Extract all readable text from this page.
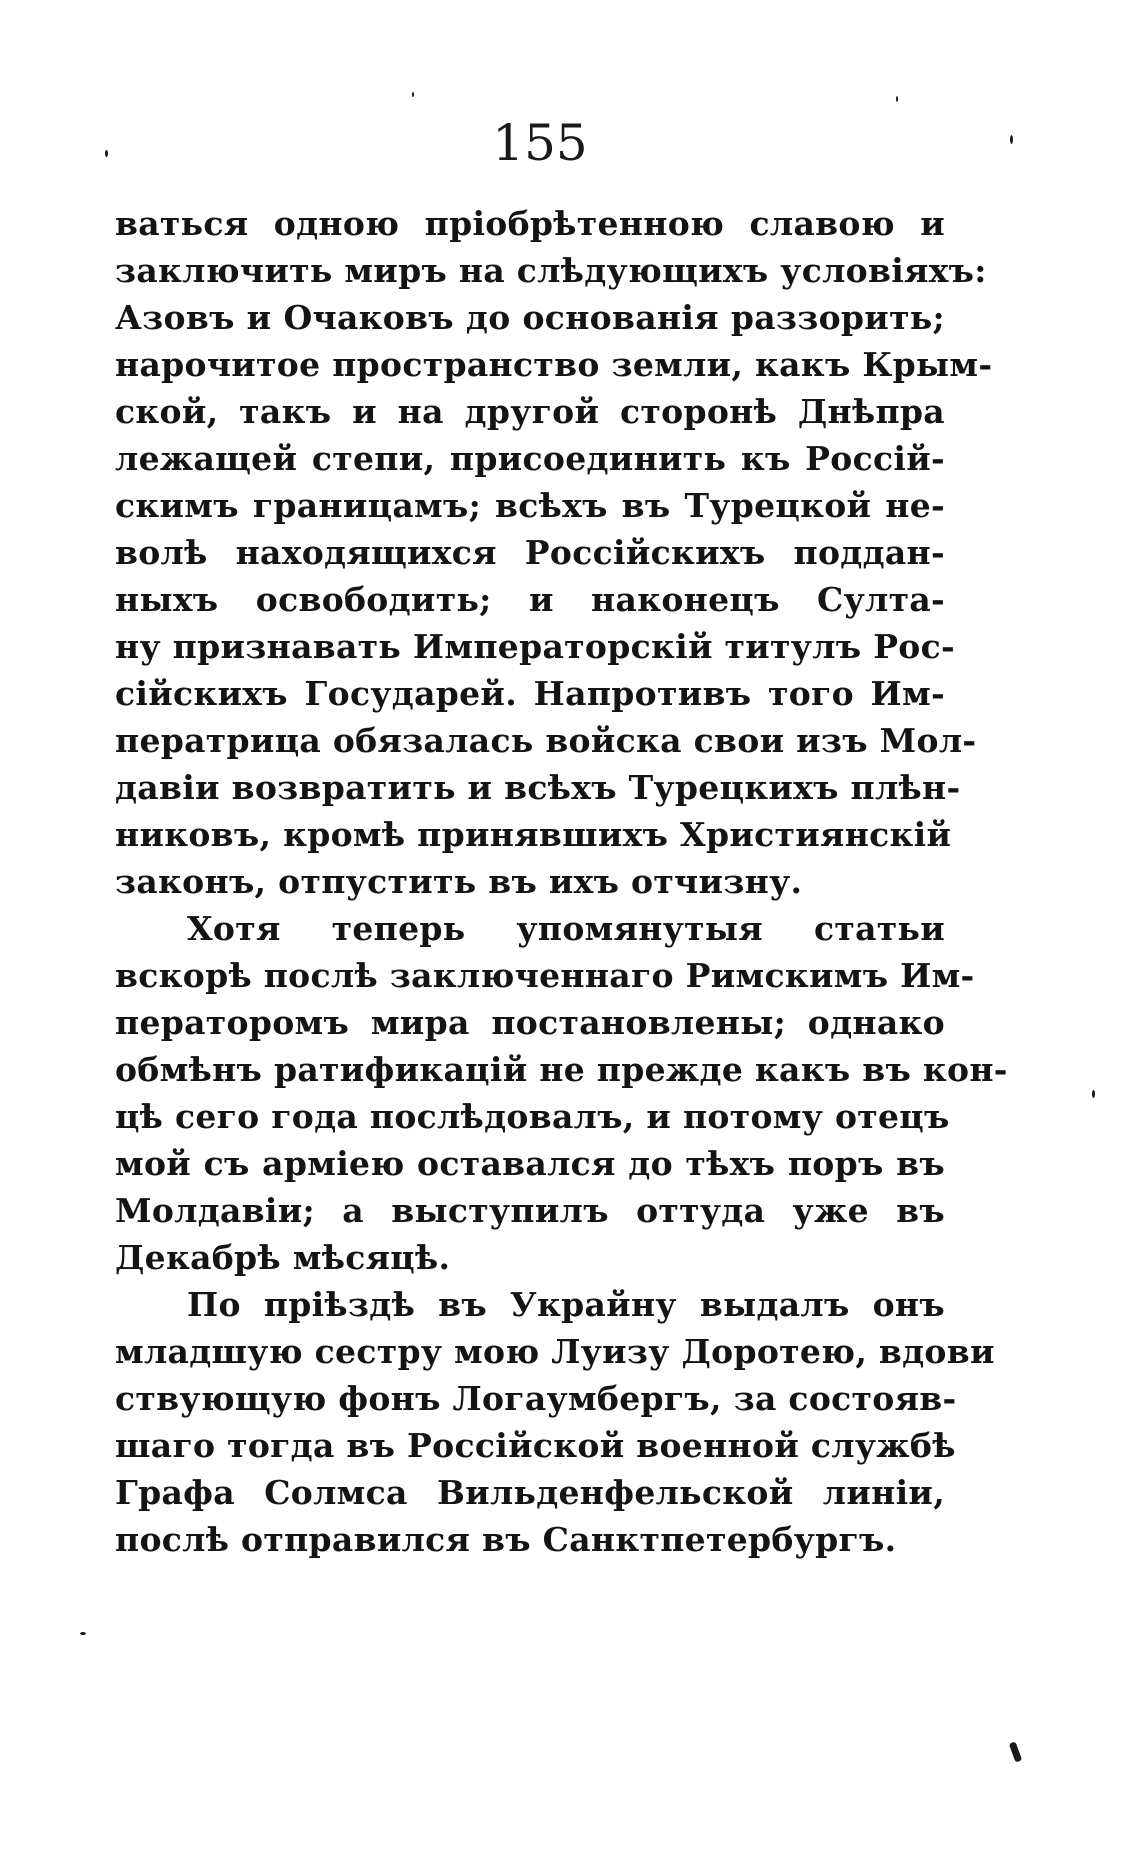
155

ваться одною пріобрѣтенною славою и
заключить миръ на слѣдующихъ условіяхъ:
Азовъ и Очаковъ до основанія раззорить;
нарочитое пространство земли, какъ Крым-
ской, такъ и на другой сторонѣ Днѣпра
лежащей степи, присоединить къ Россій-
скимъ границамъ; всѣхъ въ Турецкой не-
волѣ находящихся Россійскихъ поддан-
ныхъ освободить; и наконецъ Султа-
ну признавать Императорскій титулъ Рос-
сійскихъ Государей. Напротивъ того Им-
ператрица обязалась войска свои изъ Мол-
давіи возвратить и всѣхъ Турецкихъ плѣн-
никовъ, кромѣ принявшихъ Християнскій
законъ, отпустить въ ихъ отчизну.

Хотя теперь упомянутыя статьи
вскорѣ послѣ заключеннаго Римскимъ Им-
ператоромъ мира постановлены; однако
обмѣнъ ратификацій не прежде какъ въ кон-
цѣ сего года послѣдовалъ, и потому отецъ
мой съ арміею оставался до тѣхъ поръ въ
Молдавіи; а выступилъ оттуда уже въ
Декабрѣ мѣсяцѣ.

По пріѣздѣ въ Украйну выдалъ онъ
младшую сестру мою Луизу Доротею, вдови
ствующую фонъ Логаумбергъ, за состояв-
шаго тогда въ Россійской военной службѣ
Графа Солмса Вильденфельской линіи,
послѣ отправился въ Санктпетербургъ.
